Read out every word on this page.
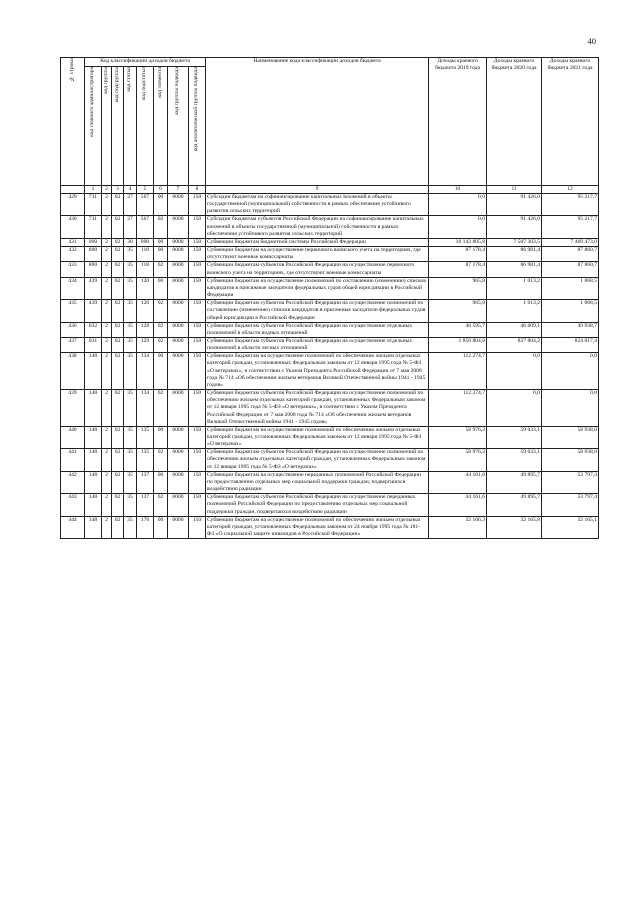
40
№ строки	Код классификации доходов бюджета								Наименование кода классификации доходов бюджета	Доходы краевого бюджета 2019 года	Доходы краевого бюджета 2020 года	Доходы краевого бюджета 2021 года

	код главного администратора	код группы	код подгруппы	код статьи	код подстатьи	код элемента	код группы подвида	код аналитической группы подвида				

	1	2	3	4	5	6	7	8	9	10	11	12
429	711	2	02	27	567	00	0000	150	Субсидии бюджетам на софинансирование капитальных вложений в объекты государственной (муниципальной) собственности в рамках обеспечения устойчивого развития сельских территорий	0,0	91 426,0	95 217,7
430	711	2	02	27	567	02	0000	150	Субсидии бюджетам субъектов Российской Федерации на софинансирование капитальных вложений в объекты государственной (муниципальной) собственности в рамках обеспечения устойчивого развития сельских территорий	0,0	91 426,0	95 217,7
431	000	2	02	30	000	00	0000	150	Субвенции бюджетам бюджетной системы Российской Федерации	10 142 805,8	7 507 303,5	7 469 473,0
432	800	2	02	35	118	00	0000	150	Субвенции бюджетам на осуществление первичного воинского учета на территориях, где отсутствуют военные комиссариаты	87 178,4	86 981,4	87 860,7
433	800	2	02	35	118	02	0000	150	Субвенции бюджетам субъектов Российской Федерации на осуществление первичного воинского учета на территориях, где отсутствуют военные комиссариаты	87 178,4	86 981,4	87 860,7
434	439	2	02	35	120	00	0000	150	Субвенции бюджетам на осуществление полномочий по составлению (изменению) списков кандидатов в присяжные заседатели федеральных судов общей юрисдикции в Российской Федерации	965,8	1 013,2	1 068,5
435	439	2	02	35	120	02	0000	150	Субвенции бюджетам субъектов Российской Федерации на осуществление полномочий по составлению (изменению) списков кандидатов в присяжные заседатели федеральных судов общей юрисдикции в Российской Федерации	965,8	1 013,2	1 068,5
436	032	2	02	35	128	02	0000	150	Субвенции бюджетам субъектов Российской Федерации на осуществление отдельных полномочий в области водных отношений	46 595,7	46 609,1	49 938,7
437	031	2	02	35	129	02	0000	150	Субвенции бюджетам субъектов Российской Федерации на осуществление отдельных полномочий в области лесных отношений	1 856 804,8	827 804,2	824 017,4
438	148	2	02	35	134	00	0000	150	Субвенции бюджетам на осуществление полномочий по обеспечению жильем отдельных категорий граждан, установленных Федеральным законом от 12 января 1995 года № 5-ФЗ «О ветеранах», в соответствии с Указом Президента Российской Федерации от 7 мая 2008 года № 714 «Об обеспечении жильем ветеранов Великой Отечественной войны 1941 - 1945 годов»	112 274,7	0,0	0,0
439	148	2	02	35	134	02	0000	150	Субвенции бюджетам субъектов Российской Федерации на осуществление полномочий по обеспечению жильем отдельных категорий граждан, установленных Федеральным законом от 12 января 1995 года № 5-ФЗ «О ветеранах», в соответствии с Указом Президента Российской Федерации от 7 мая 2008 года № 714 «Об обеспечении жильем ветеранов Великой Отечественной войны 1941 - 1945 годов»	112 274,7	0,0	0,0
440	148	2	02	35	135	00	0000	150	Субвенции бюджетам на осуществление полномочий по обеспечению жильем отдельных категорий граждан, установленных Федеральным законом от 12 января 1995 года № 5-ФЗ «О ветеранах»	58 976,2	59 033,1	58 938,0
441	148	2	02	35	135	02	0000	150	Субвенции бюджетам субъектов Российской Федерации на осуществление полномочий по обеспечению жильем отдельных категорий граждан, установленных Федеральным законом от 12 января 1995 года № 5-ФЗ «О ветеранах»	58 976,2	59 033,1	58 938,0
442	148	2	02	35	137	00	0000	150	Субвенции бюджетам на осуществление переданных полномочий Российской Федерации по предоставлению отдельных мер социальной поддержки граждан, подвергшихся воздействию радиации	44 161,6	49 895,7	53 797,4
443	148	2	02	35	137	02	0000	150	Субвенции бюджетам субъектов Российской Федерации на осуществление переданных полномочий Российской Федерации по предоставлению отдельных мер социальной поддержки граждан, подвергшихся воздействию радиации	44 161,6	49 895,7	53 797,4
444	148	2	02	35	176	00	0000	150	Субвенции бюджетам на осуществление полномочий по обеспечению жильем отдельных категорий граждан, установленных Федеральным законом от 24 ноября 1995 года № 181-ФЗ «О социальной защите инвалидов в Российской Федерации»	32 166,3	32 165,8	32 165,1
